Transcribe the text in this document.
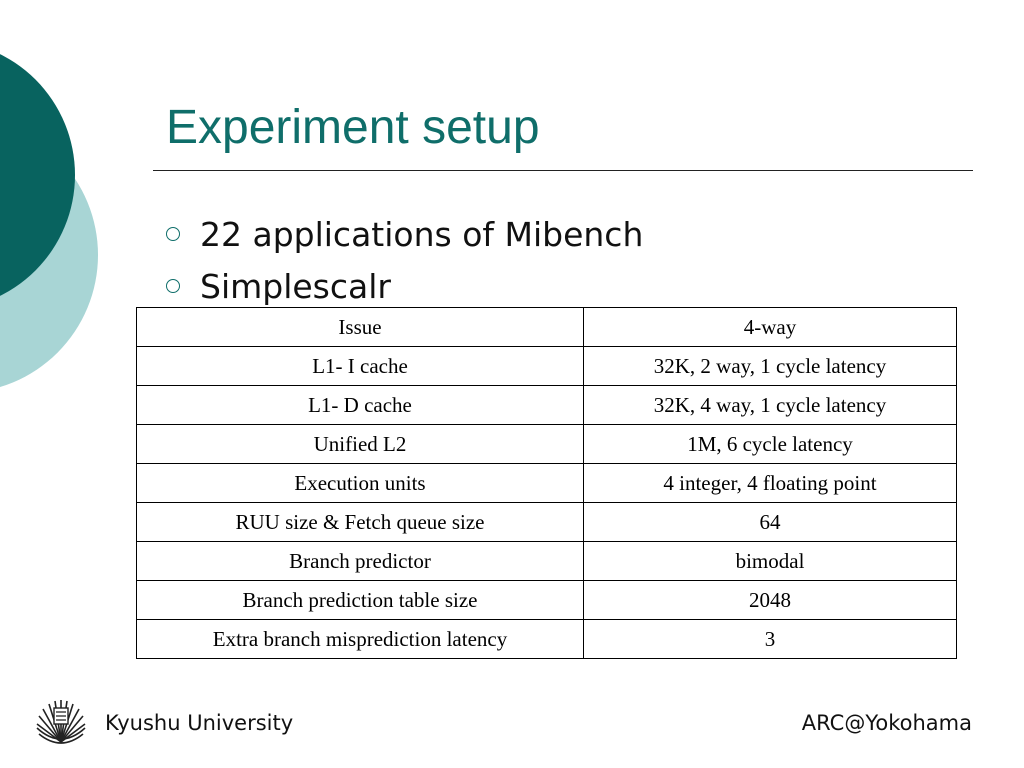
Experiment setup
22 applications of Mibench
Simplescalr
Issue	4-way
L1- I cache	32K, 2 way, 1 cycle latency
L1- D cache	32K, 4 way, 1 cycle latency
Unified L2	1M, 6 cycle latency
Execution units	4 integer, 4 floating point
RUU size & Fetch queue size	64
Branch predictor	bimodal
Branch prediction table size	2048
Extra branch misprediction latency	3
Kyushu University	ARC@Yokohama
